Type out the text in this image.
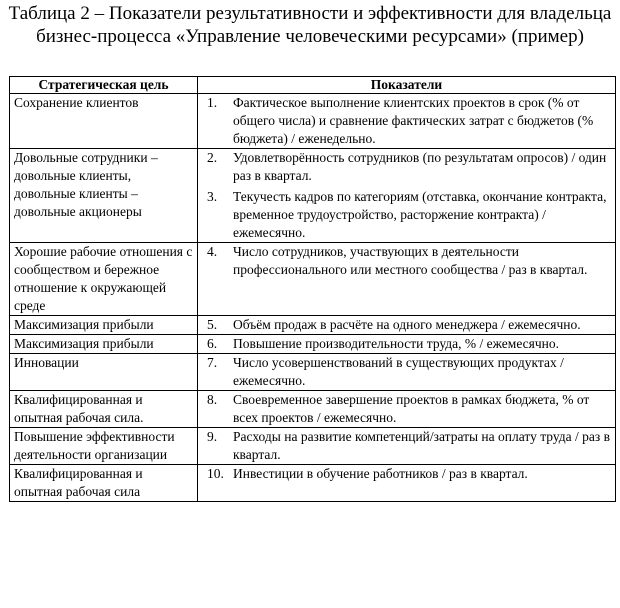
Таблица 2 – Показатели результативности и эффективности для владельца
бизнес-процесса «Управление человеческими ресурсами» (пример)
Стратегическая цель	Показатели
Сохранение клиентов	1. Фактическое выполнение клиентских проектов в срок (% от общего числа) и сравнение фактических затрат с бюджетов (% бюджета) / еженедельно.

Довольные сотрудники – довольные клиенты, довольные клиенты – довольные акционеры	2. Удовлетворённость сотрудников (по результатам опросов) / один раз в квартал.
3. Текучесть кадров по категориям (отставка, окончание контракта, временное трудоустройство, расторжение контракта) / ежемесячно.

Хорошие рабочие отношения с сообществом и бережное отношение к окружающей среде	4. Число сотрудников, участвующих в деятельности профессионального или местного сообщества / раз в квартал.

Максимизация прибыли	5. Объём продаж в расчёте на одного менеджера / ежемесячно.

Максимизация прибыли	6. Повышение производительности труда, % / ежемесячно.

Инновации	7. Число усовершенствований в существующих продуктах / ежемесячно.

Квалифицированная и опытная рабочая сила.	8. Своевременное завершение проектов в рамках бюджета, % от всех проектов / ежемесячно.

Повышение эффективности деятельности организации	9. Расходы на развитие компетенций/затраты на оплату труда / раз в квартал.

Квалифицированная и опытная рабочая сила	10. Инвестиции в обучение работников / раз в квартал.
